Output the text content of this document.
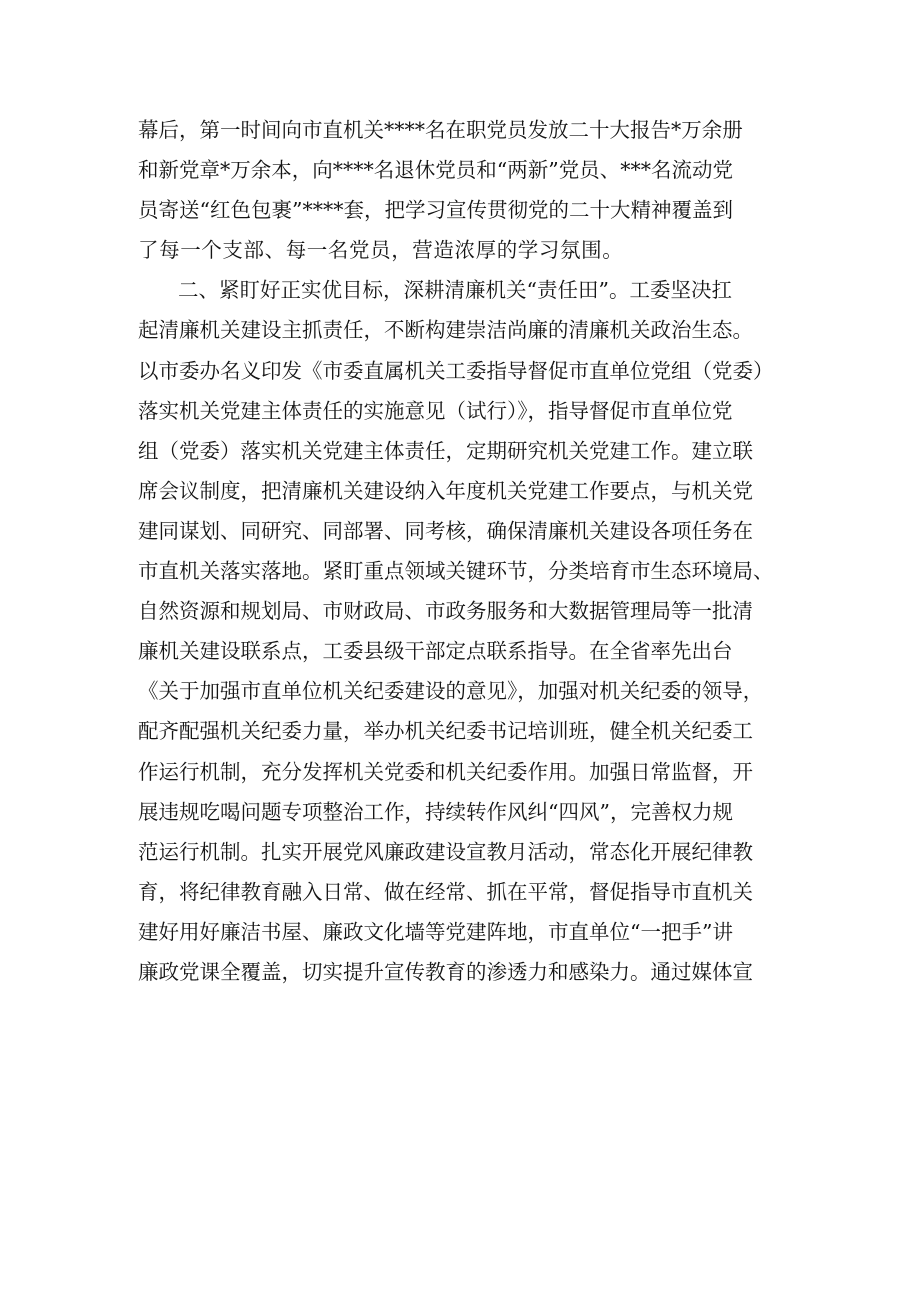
幕后，第一时间向市直机关****名在职党员发放二十大报告*万余册
和新党章*万余本，向****名退休党员和“两新”党员、***名流动党
员寄送“红色包裹”****套，把学习宣传贯彻党的二十大精神覆盖到
了每一个支部、每一名党员，营造浓厚的学习氛围。
二、紧盯好正实优目标，深耕清廉机关“责任田”。工委坚决扛
起清廉机关建设主抓责任，不断构建崇洁尚廉的清廉机关政治生态。
以市委办名义印发《市委直属机关工委指导督促市直单位党组（党委）
落实机关党建主体责任的实施意见（试行）》，指导督促市直单位党
组（党委）落实机关党建主体责任，定期研究机关党建工作。建立联
席会议制度，把清廉机关建设纳入年度机关党建工作要点，与机关党
建同谋划、同研究、同部署、同考核，确保清廉机关建设各项任务在
市直机关落实落地。紧盯重点领域关键环节，分类培育市生态环境局、
自然资源和规划局、市财政局、市政务服务和大数据管理局等一批清
廉机关建设联系点，工委县级干部定点联系指导。在全省率先出台
《关于加强市直单位机关纪委建设的意见》，加强对机关纪委的领导，
配齐配强机关纪委力量，举办机关纪委书记培训班，健全机关纪委工
作运行机制，充分发挥机关党委和机关纪委作用。加强日常监督，开
展违规吃喝问题专项整治工作，持续转作风纠“四风”，完善权力规
范运行机制。扎实开展党风廉政建设宣教月活动，常态化开展纪律教
育，将纪律教育融入日常、做在经常、抓在平常，督促指导市直机关
建好用好廉洁书屋、廉政文化墙等党建阵地，市直单位“一把手”讲
廉政党课全覆盖，切实提升宣传教育的渗透力和感染力。通过媒体宣
